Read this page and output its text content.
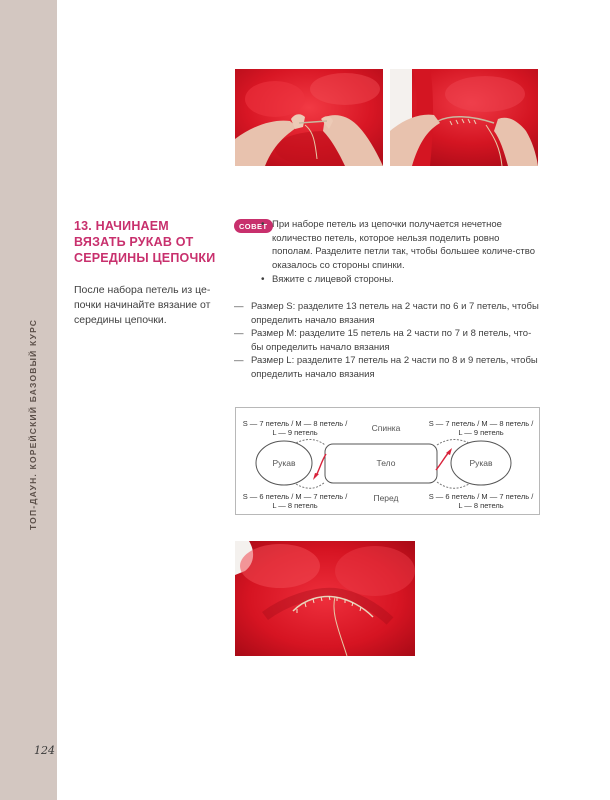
ТОП-ДАУН. КОРЕЙСКИЙ БАЗОВЫЙ КУРС
124
13. НАЧИНАЕМ ВЯЗАТЬ РУКАВ ОТ СЕРЕДИНЫ ЦЕПОЧКИ

После набора петель из це-почки начинайте вязание от середины цепочки.

СОВЕТ
• При наборе петель из цепочки получается нечетное количество петель, которое нельзя поделить ровно пополам. Разделите петли так, чтобы большее количе-ство оказалось со стороны спинки.
• Вяжите с лицевой стороны.
— Размер S: разделите 13 петель на 2 части по 6 и 7 петель, чтобы определить начало вязания
— Размер M: разделите 15 петель на 2 части по 7 и 8 петель, что-бы определить начало вязания
— Размер L: разделите 17 петель на 2 части по 8 и 9 петель, чтобы определить начало вязания
S — 7 петель / M — 8 петель /
L — 9 петель
S — 7 петель / M — 8 петель /
L — 9 петель
S — 6 петель / M — 7 петель /
L — 8 петель
S — 6 петель / M — 7 петель /
L — 8 петель
Спинка
Перед
Тело
Рукав	Рукав
